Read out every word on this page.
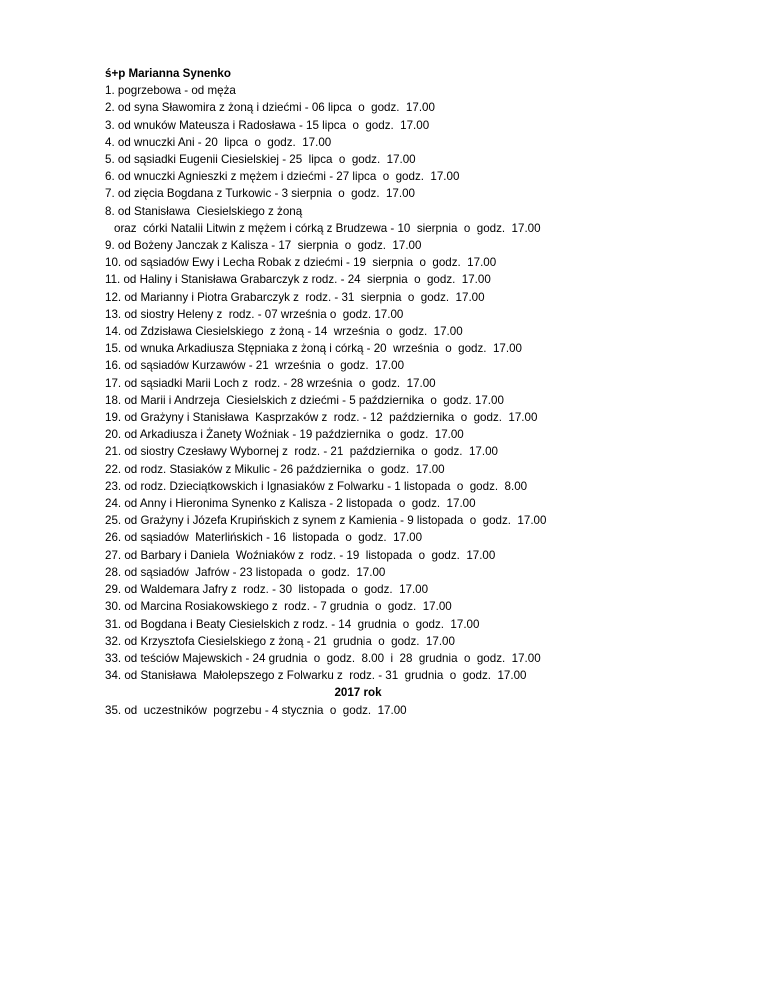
ś+p Marianna Synenko
1. pogrzebowa - od męża
2. od syna Sławomira z żoną i dziećmi - 06 lipca  o  godz.  17.00
3. od wnuków Mateusza i Radosława - 15 lipca  o  godz.  17.00
4. od wnuczki Ani - 20  lipca  o  godz.  17.00
5. od sąsiadki Eugenii Ciesielskiej - 25  lipca  o  godz.  17.00
6. od wnuczki Agnieszki z mężem i dziećmi - 27 lipca  o  godz.  17.00
7. od zięcia Bogdana z Turkowic - 3 sierpnia  o  godz.  17.00
8. od Stanisława  Ciesielskiego z żoną
oraz  córki Natalii Litwin z mężem i córką z Brudzewa - 10  sierpnia  o  godz.  17.00
9. od Bożeny Janczak z Kalisza - 17  sierpnia  o  godz.  17.00
10. od sąsiadów Ewy i Lecha Robak z dziećmi - 19  sierpnia  o  godz.  17.00
11. od Haliny i Stanisława Grabarczyk z rodz. - 24  sierpnia  o  godz.  17.00
12. od Marianny i Piotra Grabarczyk z  rodz. - 31  sierpnia  o  godz.  17.00
13. od siostry Heleny z  rodz. - 07 września o  godz. 17.00
14. od Zdzisława Ciesielskiego  z żoną - 14  września  o  godz.  17.00
15. od wnuka Arkadiusza Stępniaka z żoną i córką - 20  września  o  godz.  17.00
16. od sąsiadów Kurzawów - 21  września  o  godz.  17.00
17. od sąsiadki Marii Loch z  rodz. - 28 września  o  godz.  17.00
18. od Marii i Andrzeja  Ciesielskich z dziećmi - 5 października  o  godz. 17.00
19. od Grażyny i Stanisława  Kasprzaków z  rodz. - 12  października  o  godz.  17.00
20. od Arkadiusza i Żanety Woźniak - 19 października  o  godz.  17.00
21. od siostry Czesławy Wybornej z  rodz. - 21  października  o  godz.  17.00
22. od rodz. Stasiaków z Mikulic - 26 października  o  godz.  17.00
23. od rodz. Dzieciątkowskich i Ignasiaków z Folwarku - 1 listopada  o  godz.  8.00
24. od Anny i Hieronima Synenko z Kalisza - 2 listopada  o  godz.  17.00
25. od Grażyny i Józefa Krupińskich z synem z Kamienia - 9 listopada  o  godz.  17.00
26. od sąsiadów  Materlińskich - 16  listopada  o  godz.  17.00
27. od Barbary i Daniela  Woźniaków z  rodz. - 19  listopada  o  godz.  17.00
28. od sąsiadów  Jafrów - 23 listopada  o  godz.  17.00
29. od Waldemara Jafry z  rodz. - 30  listopada  o  godz.  17.00
30. od Marcina Rosiakowskiego z  rodz. - 7 grudnia  o  godz.  17.00
31. od Bogdana i Beaty Ciesielskich z rodz. - 14  grudnia  o  godz.  17.00
32. od Krzysztofa Ciesielskiego z żoną - 21  grudnia  o  godz.  17.00
33. od teściów Majewskich - 24 grudnia  o  godz.  8.00  i  28  grudnia  o  godz.  17.00
34. od Stanisława  Małolepszego z Folwarku z  rodz. - 31  grudnia  o  godz.  17.00
2017 rok
35. od  uczestników  pogrzebu - 4 stycznia  o  godz.  17.00
